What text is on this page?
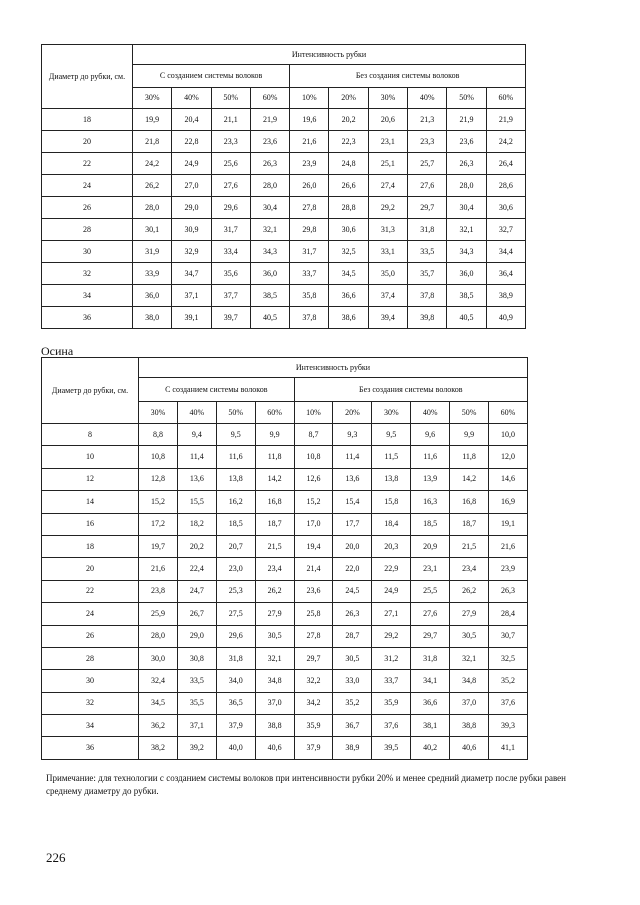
Диаметр до рубки, см.	Интенсивность рубки									
	С созданием системы волоков				Без создания системы волоков					
	30%	40%	50%	60%	10%	20%	30%	40%	50%	60%
18	19,9	20,4	21,1	21,9	19,6	20,2	20,6	21,3	21,9	21,9
20	21,8	22,8	23,3	23,6	21,6	22,3	23,1	23,3	23,6	24,2
22	24,2	24,9	25,6	26,3	23,9	24,8	25,1	25,7	26,3	26,4
24	26,2	27,0	27,6	28,0	26,0	26,6	27,4	27,6	28,0	28,6
26	28,0	29,0	29,6	30,4	27,8	28,8	29,2	29,7	30,4	30,6
28	30,1	30,9	31,7	32,1	29,8	30,6	31,3	31,8	32,1	32,7
30	31,9	32,9	33,4	34,3	31,7	32,5	33,1	33,5	34,3	34,4
32	33,9	34,7	35,6	36,0	33,7	34,5	35,0	35,7	36,0	36,4
34	36,0	37,1	37,7	38,5	35,8	36,6	37,4	37,8	38,5	38,9
36	38,0	39,1	39,7	40,5	37,8	38,6	39,4	39,8	40,5	40,9
Осина
Диаметр до рубки, см.	Интенсивность рубки									
	С созданием системы волоков				Без создания системы волоков					
	30%	40%	50%	60%	10%	20%	30%	40%	50%	60%
8	8,8	9,4	9,5	9,9	8,7	9,3	9,5	9,6	9,9	10,0
10	10,8	11,4	11,6	11,8	10,8	11,4	11,5	11,6	11,8	12,0
12	12,8	13,6	13,8	14,2	12,6	13,6	13,8	13,9	14,2	14,6
14	15,2	15,5	16,2	16,8	15,2	15,4	15,8	16,3	16,8	16,9
16	17,2	18,2	18,5	18,7	17,0	17,7	18,4	18,5	18,7	19,1
18	19,7	20,2	20,7	21,5	19,4	20,0	20,3	20,9	21,5	21,6
20	21,6	22,4	23,0	23,4	21,4	22,0	22,9	23,1	23,4	23,9
22	23,8	24,7	25,3	26,2	23,6	24,5	24,9	25,5	26,2	26,3
24	25,9	26,7	27,5	27,9	25,8	26,3	27,1	27,6	27,9	28,4
26	28,0	29,0	29,6	30,5	27,8	28,7	29,2	29,7	30,5	30,7
28	30,0	30,8	31,8	32,1	29,7	30,5	31,2	31,8	32,1	32,5
30	32,4	33,5	34,0	34,8	32,2	33,0	33,7	34,1	34,8	35,2
32	34,5	35,5	36,5	37,0	34,2	35,2	35,9	36,6	37,0	37,6
34	36,2	37,1	37,9	38,8	35,9	36,7	37,6	38,1	38,8	39,3
36	38,2	39,2	40,0	40,6	37,9	38,9	39,5	40,2	40,6	41,1
Примечание: для технологии с созданием системы волоков при интенсивности рубки 20% и менее средний диаметр после рубки равен среднему диаметру до рубки.
226
